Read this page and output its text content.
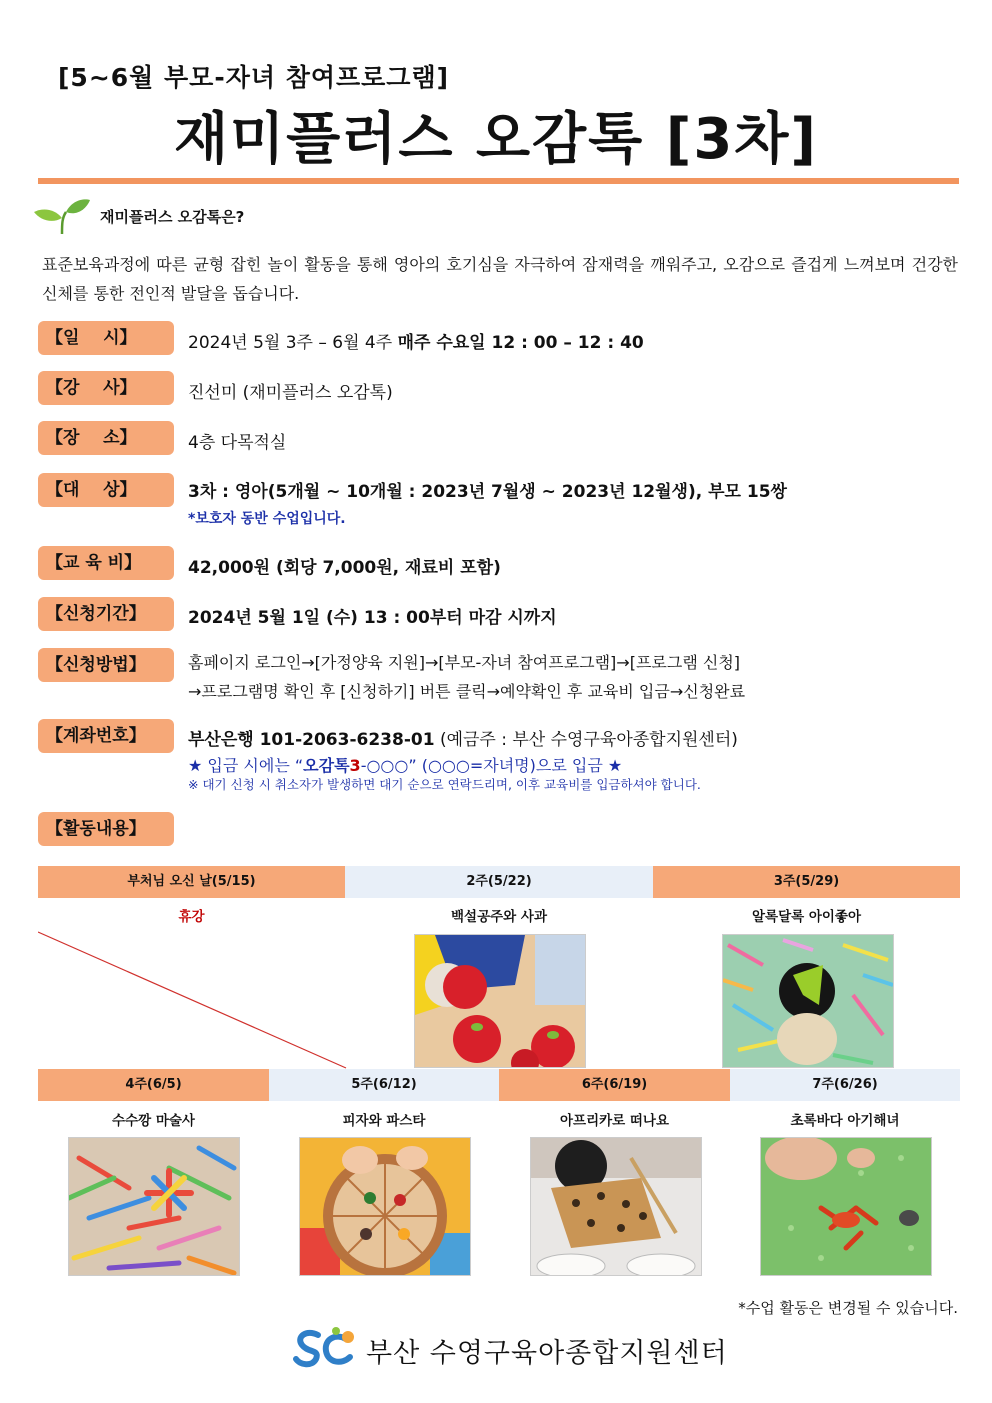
[5~6월 부모-자녀 참여프로그램]
재미플러스 오감톡 [3차]
재미플러스 오감톡은?
표준보육과정에 따른 균형 잡힌 놀이 활동을 통해 영아의 호기심을 자극하여 잠재력을 깨워주고, 오감으로 즐겁게 느껴보며 건강한 신체를 통한 전인적 발달을 돕습니다.
【일    시】	2024년 5월 3주 – 6월 4주 매주 수요일 12 : 00 – 12 : 40
【강    사】	진선미 (재미플러스 오감톡)
【장    소】	4층 다목적실
【대    상】	3차 : 영아(5개월 ~ 10개월 : 2023년 7월생 ~ 2023년 12월생), 부모 15쌍
*보호자 동반 수업입니다.
【교 육 비】	42,000원 (회당 7,000원, 재료비 포함)
【신청기간】	2024년 5월 1일 (수) 13 : 00부터 마감 시까지
【신청방법】	홈페이지 로그인→[가정양육 지원]→[부모-자녀 참여프로그램]→[프로그램 신청]
→프로그램명 확인 후 [신청하기] 버튼 클릭→예약확인 후 교육비 입금→신청완료
【계좌번호】	부산은행 101-2063-6238-01 (예금주 : 부산 수영구육아종합지원센터)
★ 입금 시에는 “오감톡3-○○○” (○○○=자녀명)으로 입금 ★
※ 대기 신청 시 취소자가 발생하면 대기 순으로 연락드리며, 이후 교육비를 입금하셔야 합니다.
【활동내용】
부처님 오신 날(5/15)	2주(5/22)	3주(5/29)
휴강	백설공주와 사과	알록달록 아이좋아
4주(6/5)	5주(6/12)	6주(6/19)	7주(6/26)
수수깡 마술사	피자와 파스타	아프리카로 떠나요	초록바다 아기해녀
*수업 활동은 변경될 수 있습니다.
부산 수영구육아종합지원센터
